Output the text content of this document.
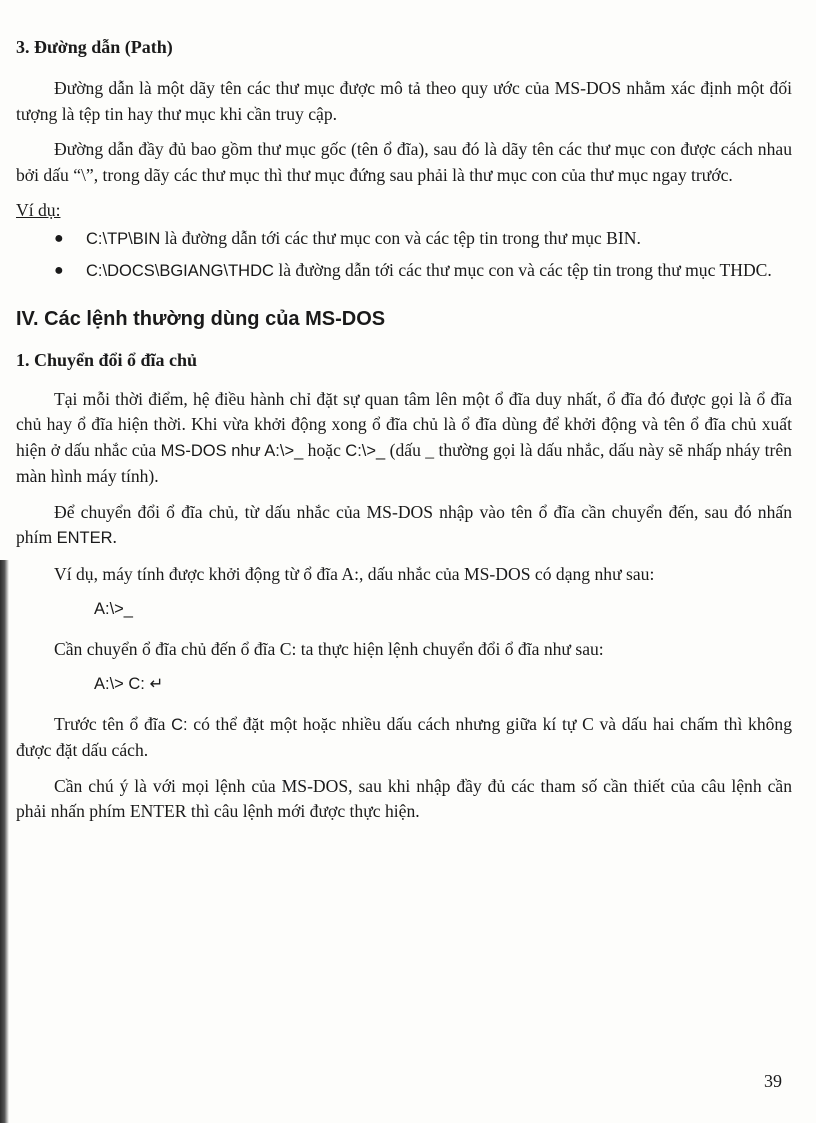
3. Đường dẫn (Path)

Đường dẫn là một dãy tên các thư mục được mô tả theo quy ước của MS-DOS nhằm xác định một đối tượng là tệp tin hay thư mục khi cần truy cập.

Đường dẫn đầy đủ bao gồm thư mục gốc (tên ổ đĩa), sau đó là dãy tên các thư mục con được cách nhau bởi dấu “\”, trong dãy các thư mục thì thư mục đứng sau phải là thư mục con của thư mục ngay trước.

Ví dụ:

● C:\TP\BIN là đường dẫn tới các thư mục con và các tệp tin trong thư mục BIN.
● C:\DOCS\BGIANG\THDC là đường dẫn tới các thư mục con và các tệp tin trong thư mục THDC.
IV. Các lệnh thường dùng của MS-DOS
1. Chuyển đổi ổ đĩa chủ

Tại mỗi thời điểm, hệ điều hành chỉ đặt sự quan tâm lên một ổ đĩa duy nhất, ổ đĩa đó được gọi là ổ đĩa chủ hay ổ đĩa hiện thời. Khi vừa khởi động xong ổ đĩa chủ là ổ đĩa dùng để khởi động và tên ổ đĩa chủ xuất hiện ở dấu nhắc của MS-DOS như A:\>_ hoặc C:\>_ (dấu _ thường gọi là dấu nhắc, dấu này sẽ nhấp nháy trên màn hình máy tính).

Để chuyển đổi ổ đĩa chủ, từ dấu nhắc của MS-DOS nhập vào tên ổ đĩa cần chuyển đến, sau đó nhấn phím ENTER.

Ví dụ, máy tính được khởi động từ ổ đĩa A:, dấu nhắc của MS-DOS có dạng như sau:

A:\>_

Cần chuyển ổ đĩa chủ đến ổ đĩa C: ta thực hiện lệnh chuyển đổi ổ đĩa như sau:

A:\> C: ↵

Trước tên ổ đĩa C: có thể đặt một hoặc nhiều dấu cách nhưng giữa kí tự C và dấu hai chấm thì không được đặt dấu cách.

Cần chú ý là với mọi lệnh của MS-DOS, sau khi nhập đầy đủ các tham số cần thiết của câu lệnh cần phải nhấn phím ENTER thì câu lệnh mới được thực hiện.

39
